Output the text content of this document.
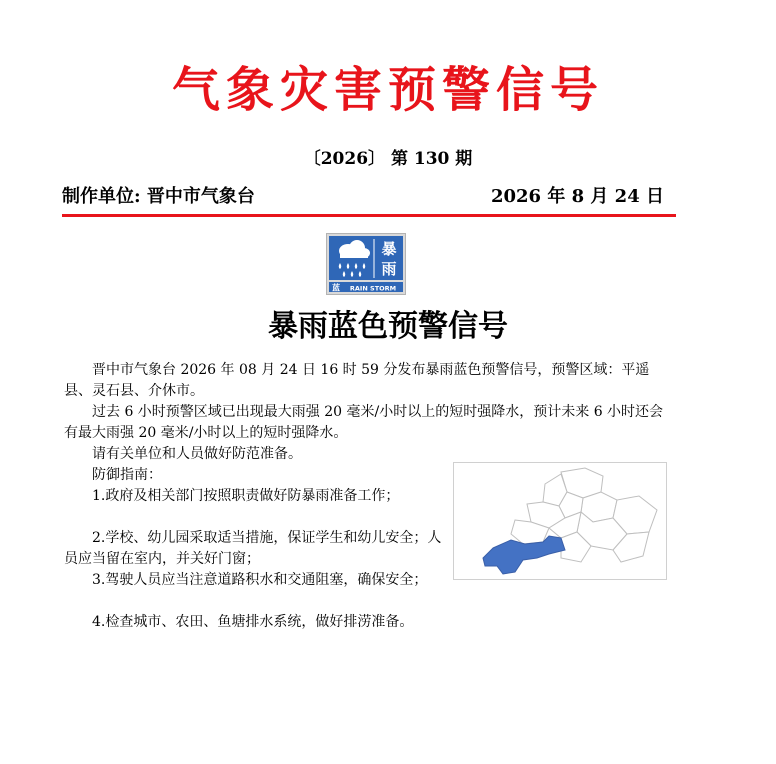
气象灾害预警信号
〔2026〕 第 130 期
制作单位: 晋中市气象台	2026 年 8 月 24 日
暴
雨
蓝 RAIN STORM
暴雨蓝色预警信号
晋中市气象台 2026 年 08 月 24 日 16 时 59 分发布暴雨蓝色预警信号，预警区域：平遥县、灵石县、介休市。
过去 6 小时预警区域已出现最大雨强 20 毫米/小时以上的短时强降水，预计未来 6 小时还会有最大雨强 20 毫米/小时以上的短时强降水。
请有关单位和人员做好防范准备。
防御指南：
1.政府及相关部门按照职责做好防暴雨准备工作；
2.学校、幼儿园采取适当措施，保证学生和幼儿安全；人员应当留在室内，并关好门窗；
3.驾驶人员应当注意道路积水和交通阻塞，确保安全；
4.检查城市、农田、鱼塘排水系统，做好排涝准备。
